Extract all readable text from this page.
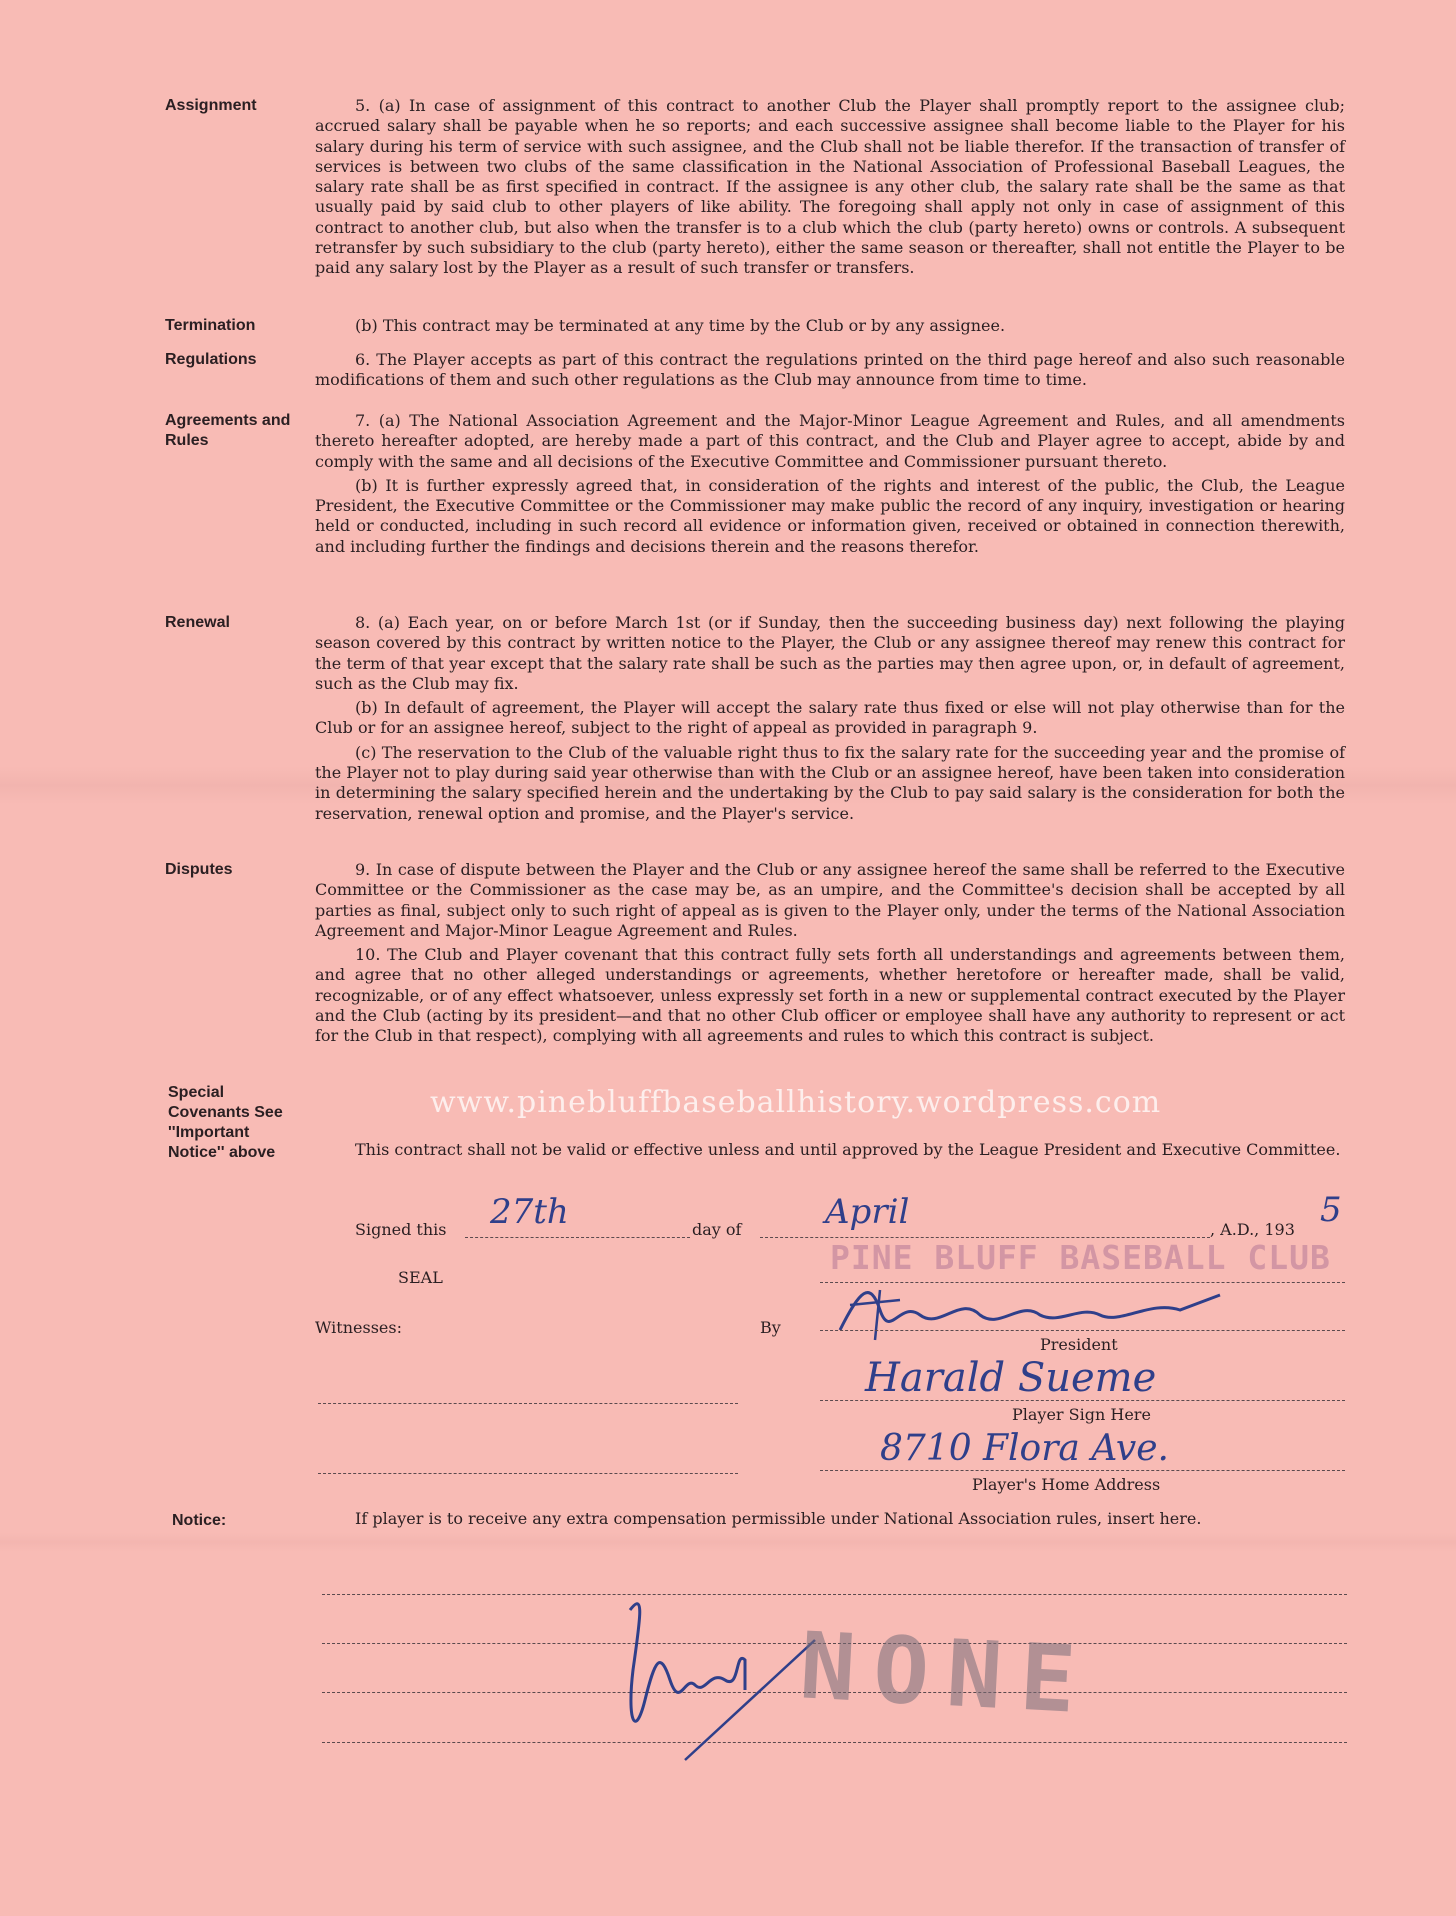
Assignment	5. (a) In case of assignment of this contract to another Club the Player shall promptly report to the assignee club; accrued salary shall be payable when he so reports; and each successive assignee shall become liable to the Player for his salary during his term of service with such assignee, and the Club shall not be liable therefor. If the transaction of transfer of services is between two clubs of the same classification in the National Association of Professional Baseball Leagues, the salary rate shall be as first specified in contract. If the assignee is any other club, the salary rate shall be the same as that usually paid by said club to other players of like ability. The foregoing shall apply not only in case of assignment of this contract to another club, but also when the transfer is to a club which the club (party hereto) owns or controls. A subsequent retransfer by such subsidiary to the club (party hereto), either the same season or thereafter, shall not entitle the Player to be paid any salary lost by the Player as a result of such transfer or transfers.

Termination	(b) This contract may be terminated at any time by the Club or by any assignee.

Regulations	6. The Player accepts as part of this contract the regulations printed on the third page hereof and also such reasonable modifications of them and such other regulations as the Club may announce from time to time.

Agreements and Rules

7. (a) The National Association Agreement and the Major-Minor League Agreement and Rules, and all amendments thereto hereafter adopted, are hereby made a part of this contract, and the Club and Player agree to accept, abide by and comply with the same and all decisions of the Executive Committee and Commissioner pursuant thereto.

(b) It is further expressly agreed that, in consideration of the rights and interest of the public, the Club, the League President, the Executive Committee or the Commissioner may make public the record of any inquiry, investigation or hearing held or conducted, including in such record all evidence or information given, received or obtained in connection therewith, and including further the findings and decisions therein and the reasons therefor.

Renewal	8. (a) Each year, on or before March 1st (or if Sunday, then the succeeding business day) next following the playing season covered by this contract by written notice to the Player, the Club or any assignee thereof may renew this contract for the term of that year except that the salary rate shall be such as the parties may then agree upon, or, in default of agreement, such as the Club may fix.

(b) In default of agreement, the Player will accept the salary rate thus fixed or else will not play otherwise than for the Club or for an assignee hereof, subject to the right of appeal as provided in paragraph 9.

(c) The reservation to the Club of the valuable right thus to fix the salary rate for the succeeding year and the promise of the Player not to play during said year otherwise than with the Club or an assignee hereof, have been taken into consideration in determining the salary specified herein and the undertaking by the Club to pay said salary is the consideration for both the reservation, renewal option and promise, and the Player's service.

Disputes	9. In case of dispute between the Player and the Club or any assignee hereof the same shall be referred to the Executive Committee or the Commissioner as the case may be, as an umpire, and the Committee's decision shall be accepted by all parties as final, subject only to such right of appeal as is given to the Player only, under the terms of the National Association Agreement and Major-Minor League Agreement and Rules.

10. The Club and Player covenant that this contract fully sets forth all understandings and agreements between them, and agree that no other alleged understandings or agreements, whether heretofore or hereafter made, shall be valid, recognizable, or of any effect whatsoever, unless expressly set forth in a new or supplemental contract executed by the Player and the Club (acting by its president—and that no other Club officer or employee shall have any authority to represent or act for the Club in that respect), complying with all agreements and rules to which this contract is subject.

Special Covenants See ''Important Notice'' above
www.pinebluffbaseballhistory.wordpress.com
This contract shall not be valid or effective unless and until approved by the League President and Executive Committee.
Signed this 27th	day of April	, A.D., 193 5
SEAL
PINE BLUFF BASEBALL CLUB
Witnesses:	By
President
Harald Sueme
Player Sign Here
8710 Flora Ave.
Player's Home Address
Notice:	If player is to receive any extra compensation permissible under National Association rules, insert here.
NONE
